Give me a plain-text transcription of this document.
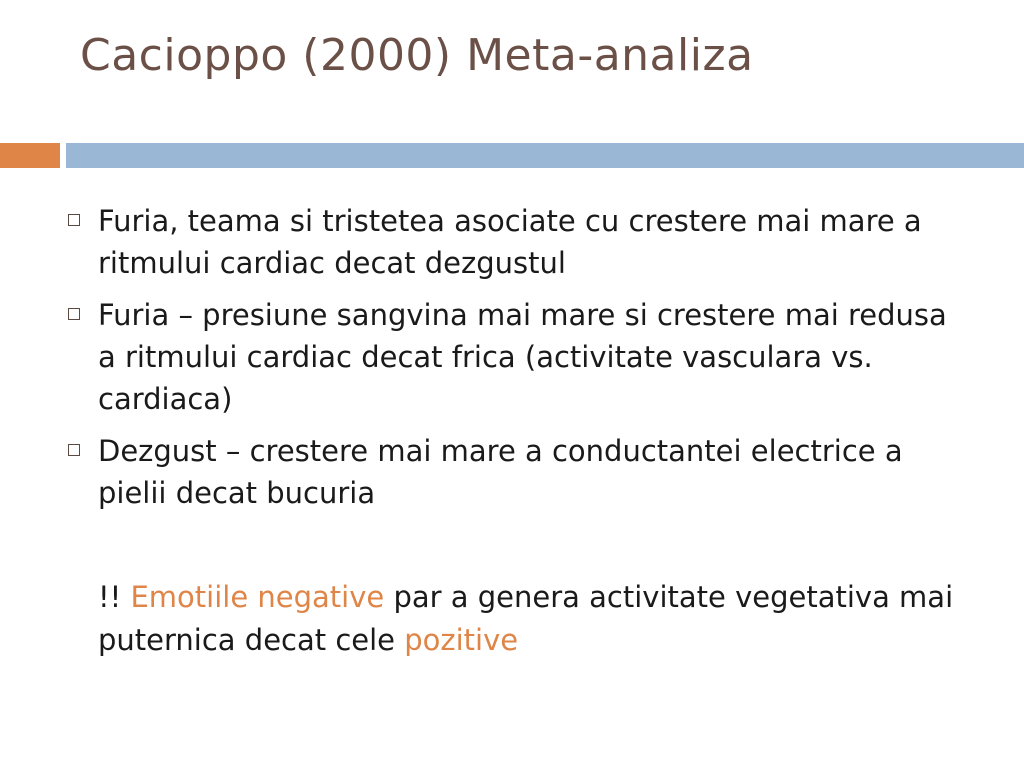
Cacioppo (2000) Meta-analiza
Furia, teama si tristetea asociate cu crestere mai mare a ritmului cardiac decat dezgustul
Furia – presiune sangvina mai mare si crestere mai redusa a ritmului cardiac decat frica (activitate vasculara vs. cardiaca)
Dezgust – crestere mai mare a conductantei electrice a pielii decat bucuria
!! Emotiile negative par a genera activitate vegetativa mai puternica decat cele pozitive
